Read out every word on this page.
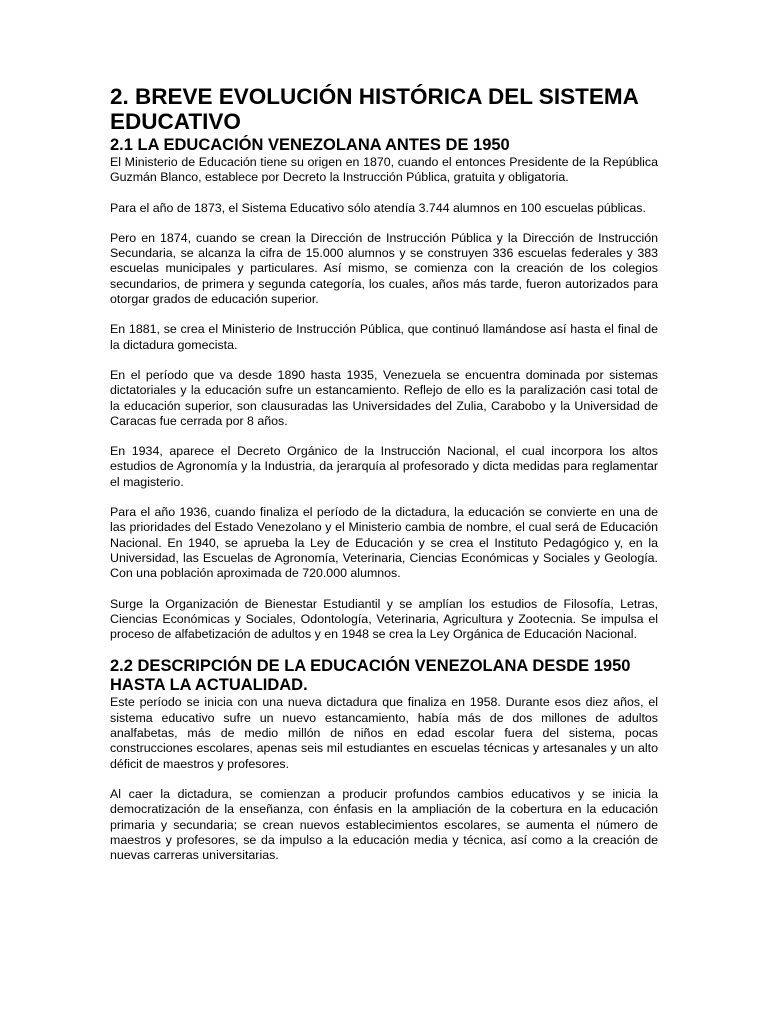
2. BREVE EVOLUCIÓN HISTÓRICA DEL SISTEMA EDUCATIVO
2.1 LA EDUCACIÓN VENEZOLANA ANTES DE 1950

El Ministerio de Educación tiene su origen en 1870, cuando el entonces Presidente de la República Guzmán Blanco, establece por Decreto la Instrucción Pública, gratuita y obligatoria.

Para el año de 1873, el Sistema Educativo sólo atendía 3.744 alumnos en 100 escuelas públicas.

Pero en 1874, cuando se crean la Dirección de Instrucción Pública y la Dirección de Instrucción Secundaria, se alcanza la cifra de 15.000 alumnos y se construyen 336 escuelas federales y 383 escuelas municipales y particulares. Así mismo, se comienza con la creación de los colegios secundarios, de primera y segunda categoría, los cuales, años más tarde, fueron autorizados para otorgar grados de educación superior.

En 1881, se crea el Ministerio de Instrucción Pública, que continuó llamándose así hasta el final de la dictadura gomecista.

En el período que va desde 1890 hasta 1935, Venezuela se encuentra dominada por sistemas dictatoriales y la educación sufre un estancamiento. Reflejo de ello es la paralización casi total de la educación superior, son clausuradas las Universidades del Zulia, Carabobo y la Universidad de Caracas fue cerrada por 8 años.

En 1934, aparece el Decreto Orgánico de la Instrucción Nacional, el cual incorpora los altos estudios de Agronomía y la Industria, da jerarquía al profesorado y dicta medidas para reglamentar el magisterio.

Para el año 1936, cuando finaliza el período de la dictadura, la educación se convierte en una de las prioridades del Estado Venezolano y el Ministerio cambia de nombre, el cual será de Educación Nacional. En 1940, se aprueba la Ley de Educación y se crea el Instituto Pedagógico y, en la Universidad, las Escuelas de Agronomía, Veterinaria, Ciencias Económicas y Sociales y Geología. Con una población aproximada de 720.000 alumnos.

Surge la Organización de Bienestar Estudiantil y se amplían los estudios de Filosofía, Letras, Ciencias Económicas y Sociales, Odontología, Veterinaria, Agricultura y Zootecnia. Se impulsa el proceso de alfabetización de adultos y en 1948 se crea la Ley Orgánica de Educación Nacional.

2.2 DESCRIPCIÓN DE LA EDUCACIÓN VENEZOLANA DESDE 1950 HASTA LA ACTUALIDAD.

Este período se inicia con una nueva dictadura que finaliza en 1958. Durante esos diez años, el sistema educativo sufre un nuevo estancamiento, había más de dos millones de adultos analfabetas, más de medio millón de niños en edad escolar fuera del sistema, pocas construcciones escolares, apenas seis mil estudiantes en escuelas técnicas y artesanales y un alto déficit de maestros y profesores.

Al caer la dictadura, se comienzan a producir profundos cambios educativos y se inicia la democratización de la enseñanza, con énfasis en la ampliación de la cobertura en la educación primaria y secundaria; se crean nuevos establecimientos escolares, se aumenta el número de maestros y profesores, se da impulso a la educación media y técnica, así como a la creación de nuevas carreras universitarias.
